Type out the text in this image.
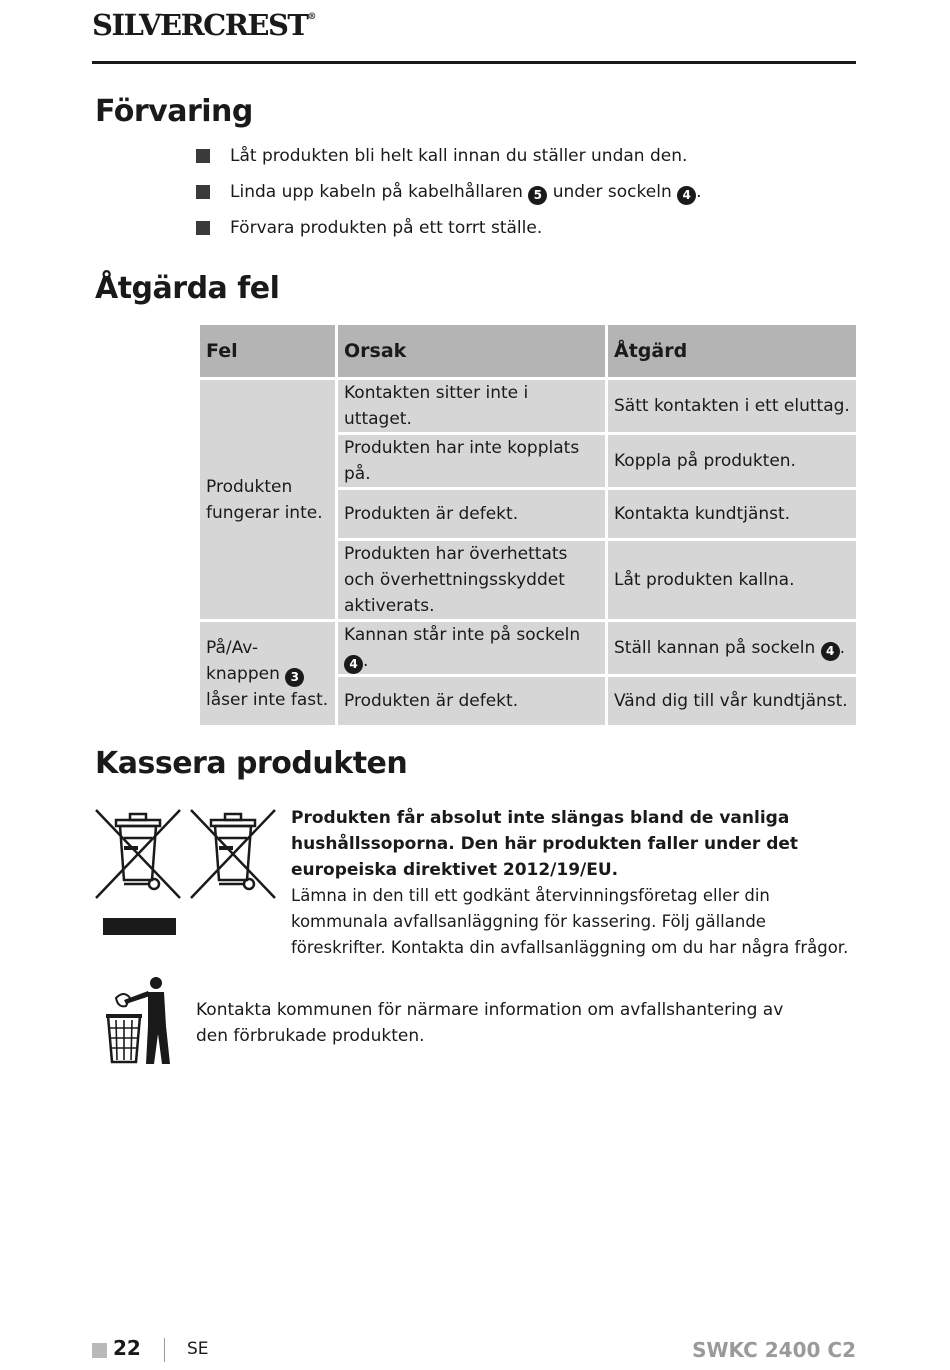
SILVERCREST®
Förvaring
Låt produkten bli helt kall innan du ställer undan den.
Linda upp kabeln på kabelhållaren 5 under sockeln 4 .
Förvara produkten på ett torrt ställe.
Åtgärda fel
Fel	Orsak	Åtgärd
Produkten fungerar inte.	Kontakten sitter inte i uttaget.	Sätt kontakten i ett eluttag.
	Produkten har inte kopplats på.	Koppla på produkten.
	Produkten är defekt.	Kontakta kundtjänst.
	Produkten har överhettats och överhettningsskyddet aktiverats.	Låt produkten kallna.
På/Av-knappen 3 låser inte fast.	Kannan står inte på sockeln 4 .	Ställ kannan på sockeln 4 .
	Produkten är defekt.	Vänd dig till vår kundtjänst.
Kassera produkten
Produkten får absolut inte slängas bland de vanliga hushållssoporna. Den här produkten faller under det europeiska direktivet 2012/19/EU.
Lämna in den till ett godkänt återvinningsföretag eller din kommunala avfallsanläggning för kassering. Följ gällande föreskrifter. Kontakta din avfallsanläggning om du har några frågor.
Kontakta kommunen för närmare information om avfallshantering av den förbrukade produkten.
22	SE	SWKC 2400 C2
